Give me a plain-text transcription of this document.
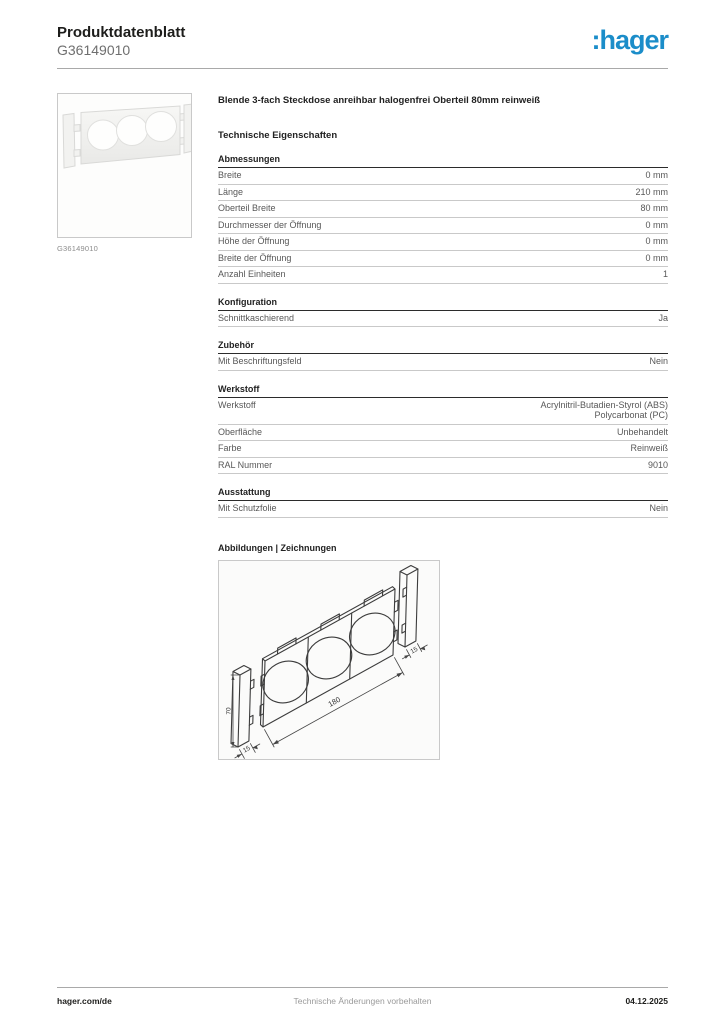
Produktdatenblatt
G36149010	:hager
G36149010
Blende 3-fach Steckdose anreihbar halogenfrei Oberteil 80mm reinweiß
Technische Eigenschaften
Abmessungen
Breite	0 mm
Länge	210 mm
Oberteil Breite	80 mm
Durchmesser der Öffnung	0 mm
Höhe der Öffnung	0 mm
Breite der Öffnung	0 mm
Anzahl Einheiten	1
Konfiguration
Schnittkaschierend	Ja
Zubehör
Mit Beschriftungsfeld	Nein
Werkstoff
Werkstoff	Acrylnitril-Butadien-Styrol (ABS)
Polycarbonat (PC)
Oberfläche	Unbehandelt
Farbe	Reinweiß
RAL Nummer	9010
Ausstattung
Mit Schutzfolie	Nein
Abbildungen | Zeichnungen
180
15
15
70
hager.com/de	Technische Änderungen vorbehalten	04.12.2025
